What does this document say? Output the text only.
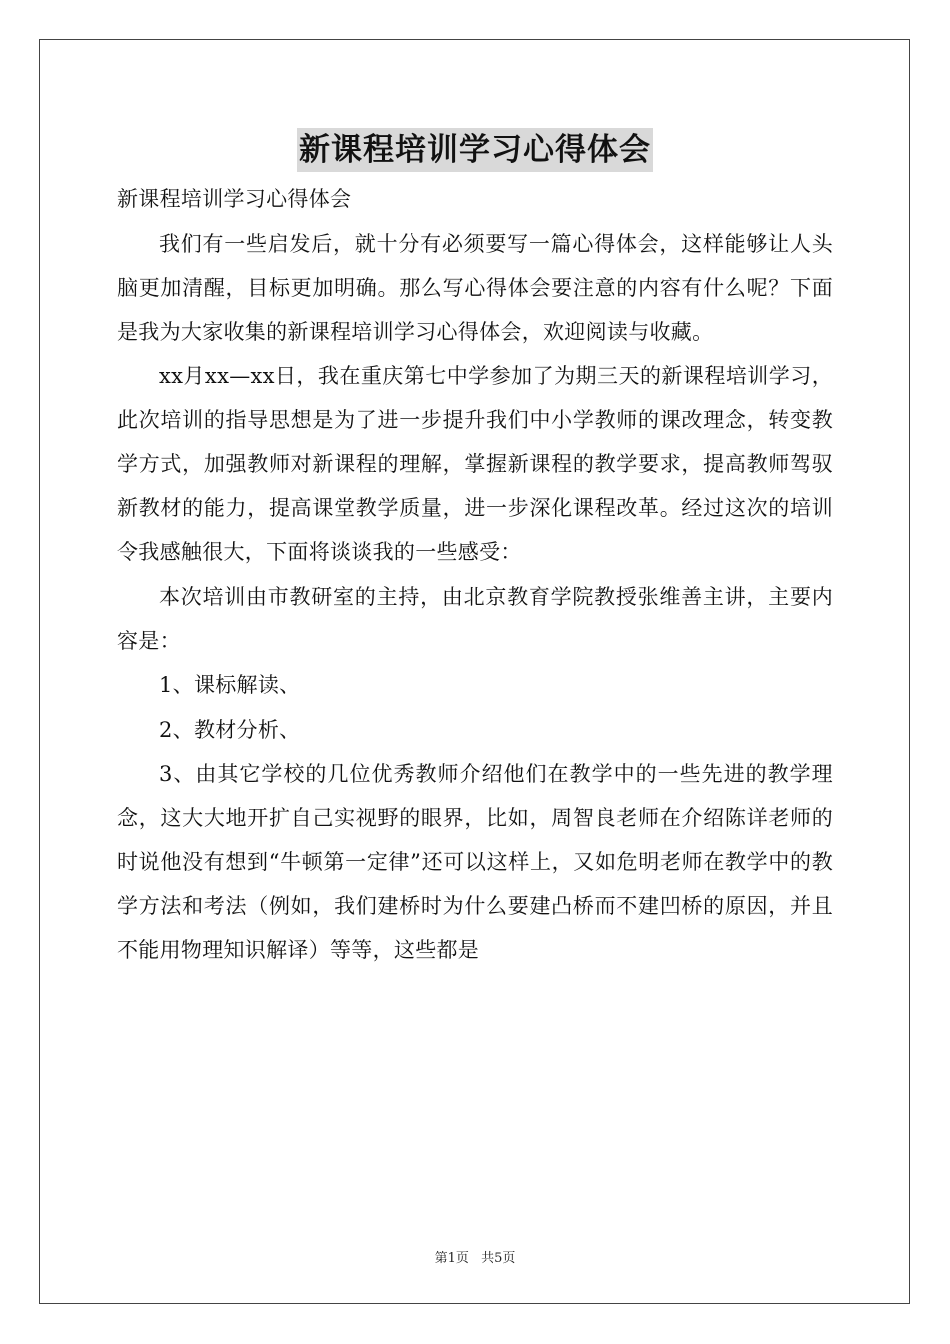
新课程培训学习心得体会

新课程培训学习心得体会

我们有一些启发后，就十分有必须要写一篇心得体会，这样能够让人头脑更加清醒，目标更加明确。那么写心得体会要注意的内容有什么呢？下面是我为大家收集的新课程培训学习心得体会，欢迎阅读与收藏。

xx月xx—xx日，我在重庆第七中学参加了为期三天的新课程培训学习，此次培训的指导思想是为了进一步提升我们中小学教师的课改理念，转变教学方式，加强教师对新课程的理解，掌握新课程的教学要求，提高教师驾驭新教材的能力，提高课堂教学质量，进一步深化课程改革。经过这次的培训令我感触很大，下面将谈谈我的一些感受：

本次培训由市教研室的主持，由北京教育学院教授张维善主讲，主要内容是：

1、课标解读、

2、教材分析、

3、由其它学校的几位优秀教师介绍他们在教学中的一些先进的教学理念，这大大地开扩自己实视野的眼界，比如，周智良老师在介绍陈详老师的时说他没有想到“牛顿第一定律”还可以这样上，又如危明老师在教学中的教学方法和考法（例如，我们建桥时为什么要建凸桥而不建凹桥的原因，并且不能用物理知识解译）等等，这些都是

第1页 共5页
